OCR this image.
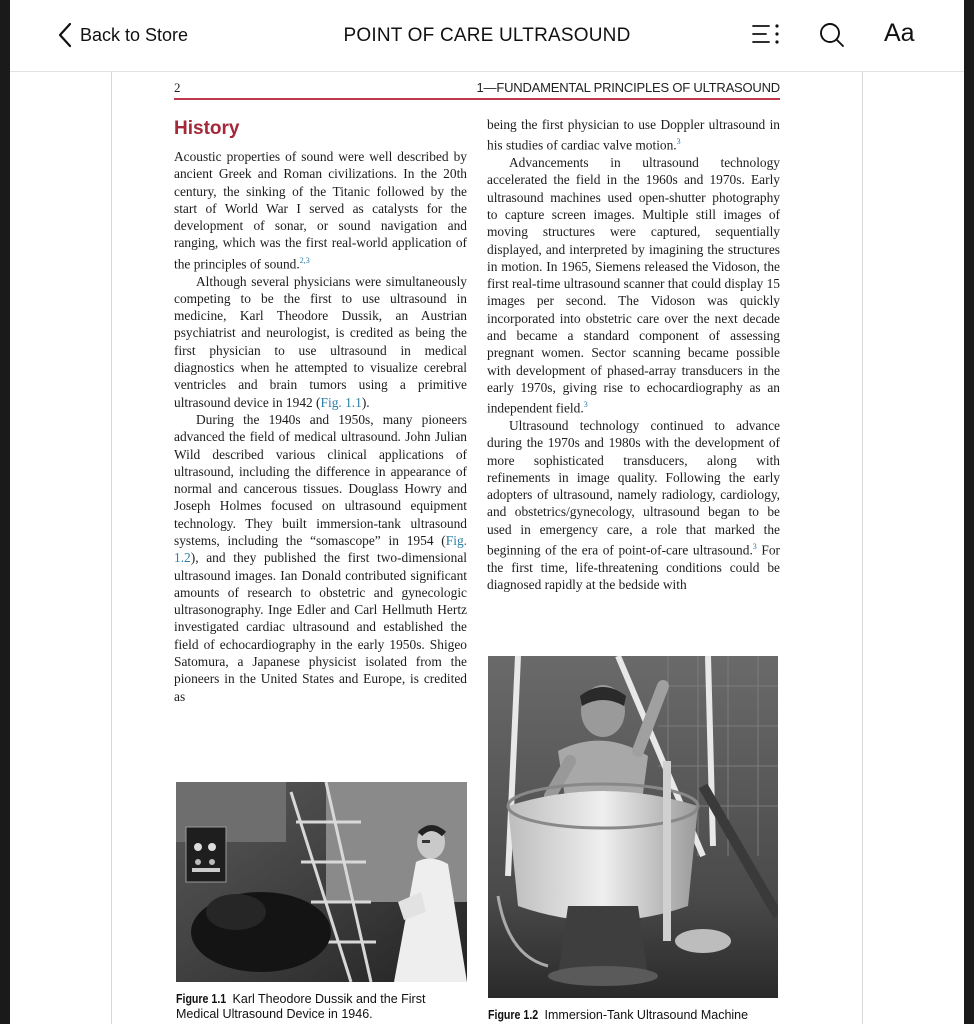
Back to Store	POINT OF CARE ULTRASOUND	Aa
2	1—FUNDAMENTAL PRINCIPLES OF ULTRASOUND
History

Acoustic properties of sound were well described by ancient Greek and Roman civilizations. In the 20th century, the sinking of the Titanic followed by the start of World War I served as catalysts for the development of sonar, or sound navigation and ranging, which was the first real-world application of the principles of sound.$^{2,3}$

Although several physicians were simultaneously competing to be the first to use ultrasound in medicine, Karl Theodore Dussik, an Austrian psychiatrist and neurologist, is credited as being the first physician to use ultrasound in medical diagnostics when he attempted to visualize cerebral ventricles and brain tumors using a primitive ultrasound device in 1942 (Fig. 1.1).

During the 1940s and 1950s, many pioneers advanced the field of medical ultrasound. John Julian Wild described various clinical applications of ultrasound, including the difference in appearance of normal and cancerous tissues. Douglass Howry and Joseph Holmes focused on ultrasound equipment technology. They built immersion-tank ultrasound systems, including the “somascope” in 1954 (Fig. 1.2), and they published the first two-dimensional ultrasound images. Ian Donald contributed significant amounts of research to obstetric and gynecologic ultrasonography. Inge Edler and Carl Hellmuth Hertz investigated cardiac ultrasound and established the field of echocardiography in the early 1950s. Shigeo Satomura, a Japanese physicist isolated from the pioneers in the United States and Europe, is credited as

being the first physician to use Doppler ultrasound in his studies of cardiac valve motion.$^3$

Advancements in ultrasound technology accelerated the field in the 1960s and 1970s. Early ultrasound machines used open-shutter photography to capture screen images. Multiple still images of moving structures were captured, sequentially displayed, and interpreted by imagining the structures in motion. In 1965, Siemens released the Vidoson, the first real-time ultrasound scanner that could display 15 images per second. The Vidoson was quickly incorporated into obstetric care over the next decade and became a standard component of assessing pregnant women. Sector scanning became possible with development of phased-array transducers in the early 1970s, giving rise to echocardiography as an independent field.$^3$

Ultrasound technology continued to advance during the 1970s and 1980s with the development of more sophisticated transducers, along with refinements in image quality. Following the early adopters of ultrasound, namely radiology, cardiology, and obstetrics/gynecology, ultrasound began to be used in emergency care, a role that marked the beginning of the era of point-of-care ultrasound.$^3$ For the first time, life-threatening conditions could be diagnosed rapidly at the bedside with

Figure 1.1 Karl Theodore Dussik and the First Medical Ultrasound Device in 1946.	Figure 1.2 Immersion-Tank Ultrasound Machine
